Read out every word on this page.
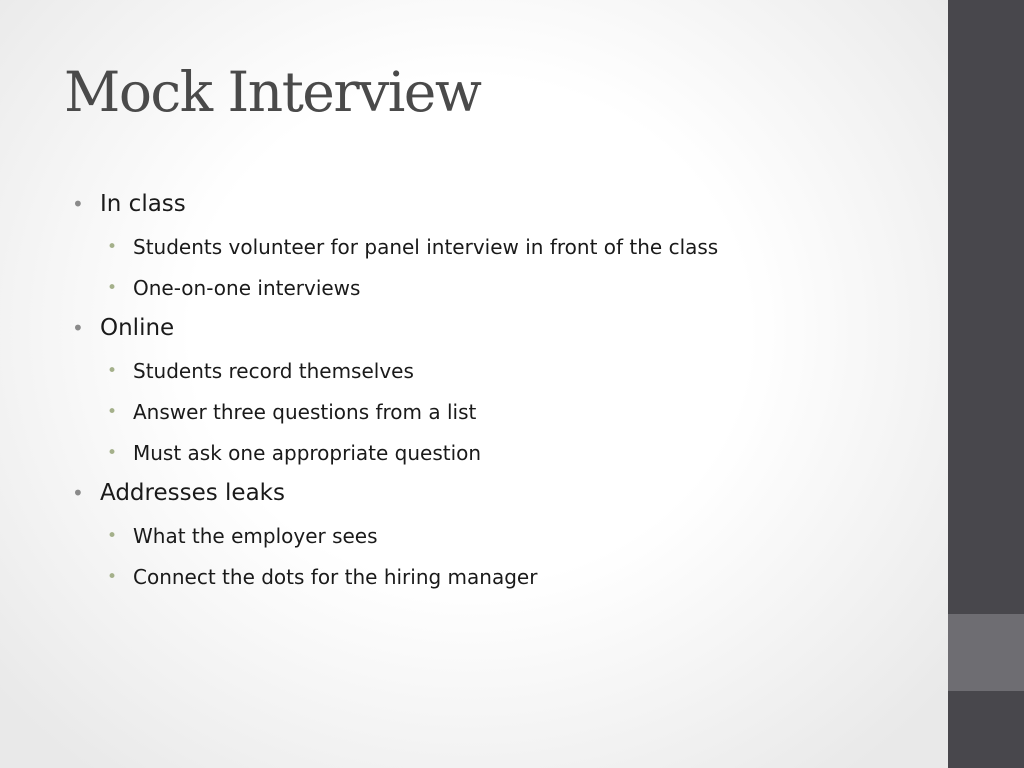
Mock Interview
• In class
• Students volunteer for panel interview in front of the class
• One-on-one interviews
• Online
• Students record themselves
• Answer three questions from a list
• Must ask one appropriate question
• Addresses leaks
• What the employer sees
• Connect the dots for the hiring manager
